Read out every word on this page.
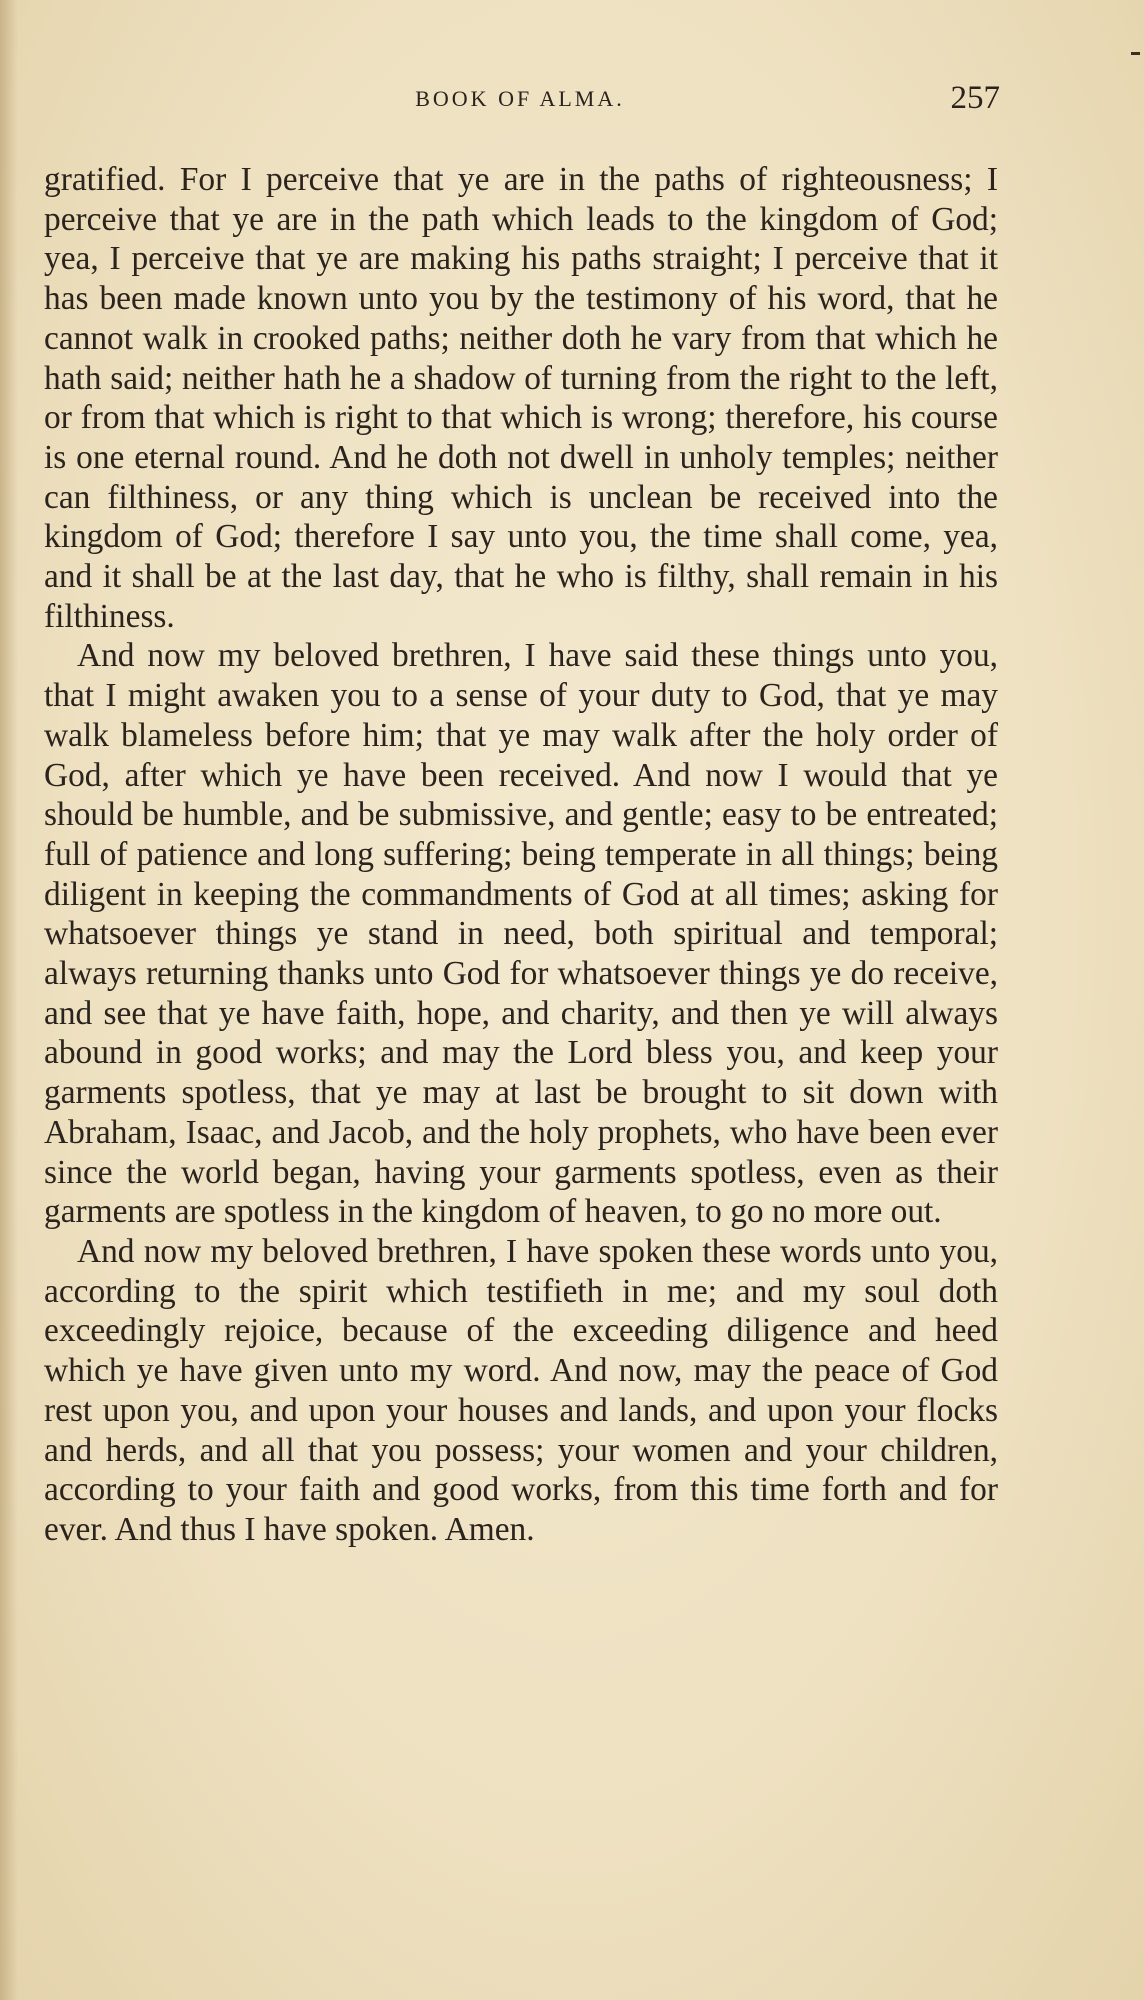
BOOK OF ALMA.	257

gratified. For I perceive that ye are in the paths of righteousness; I perceive that ye are in the path which leads to the kingdom of God; yea, I perceive that ye are making his paths straight; I perceive that it has been made known unto you by the testimony of his word, that he cannot walk in crooked paths; neither doth he vary from that which he hath said; neither hath he a shadow of turning from the right to the left, or from that which is right to that which is wrong; therefore, his course is one eternal round. And he doth not dwell in unholy temples; neither can filthiness, or any thing which is unclean be received into the kingdom of God; therefore I say unto you, the time shall come, yea, and it shall be at the last day, that he who is filthy, shall remain in his filthiness.

And now my beloved brethren, I have said these things unto you, that I might awaken you to a sense of your duty to God, that ye may walk blameless before him; that ye may walk after the holy order of God, after which ye have been received. And now I would that ye should be humble, and be submissive, and gentle; easy to be entreated; full of patience and long suffering; being temperate in all things; being diligent in keeping the commandments of God at all times; asking for whatsoever things ye stand in need, both spiritual and temporal; always returning thanks unto God for whatsoever things ye do receive, and see that ye have faith, hope, and charity, and then ye will always abound in good works; and may the Lord bless you, and keep your garments spotless, that ye may at last be brought to sit down with Abraham, Isaac, and Jacob, and the holy prophets, who have been ever since the world began, having your garments spotless, even as their garments are spotless in the kingdom of heaven, to go no more out.

And now my beloved brethren, I have spoken these words unto you, according to the spirit which testifieth in me; and my soul doth exceedingly rejoice, because of the exceeding diligence and heed which ye have given unto my word. And now, may the peace of God rest upon you, and upon your houses and lands, and upon your flocks and herds, and all that you possess; your women and your children, according to your faith and good works, from this time forth and for ever. And thus I have spoken. Amen.
